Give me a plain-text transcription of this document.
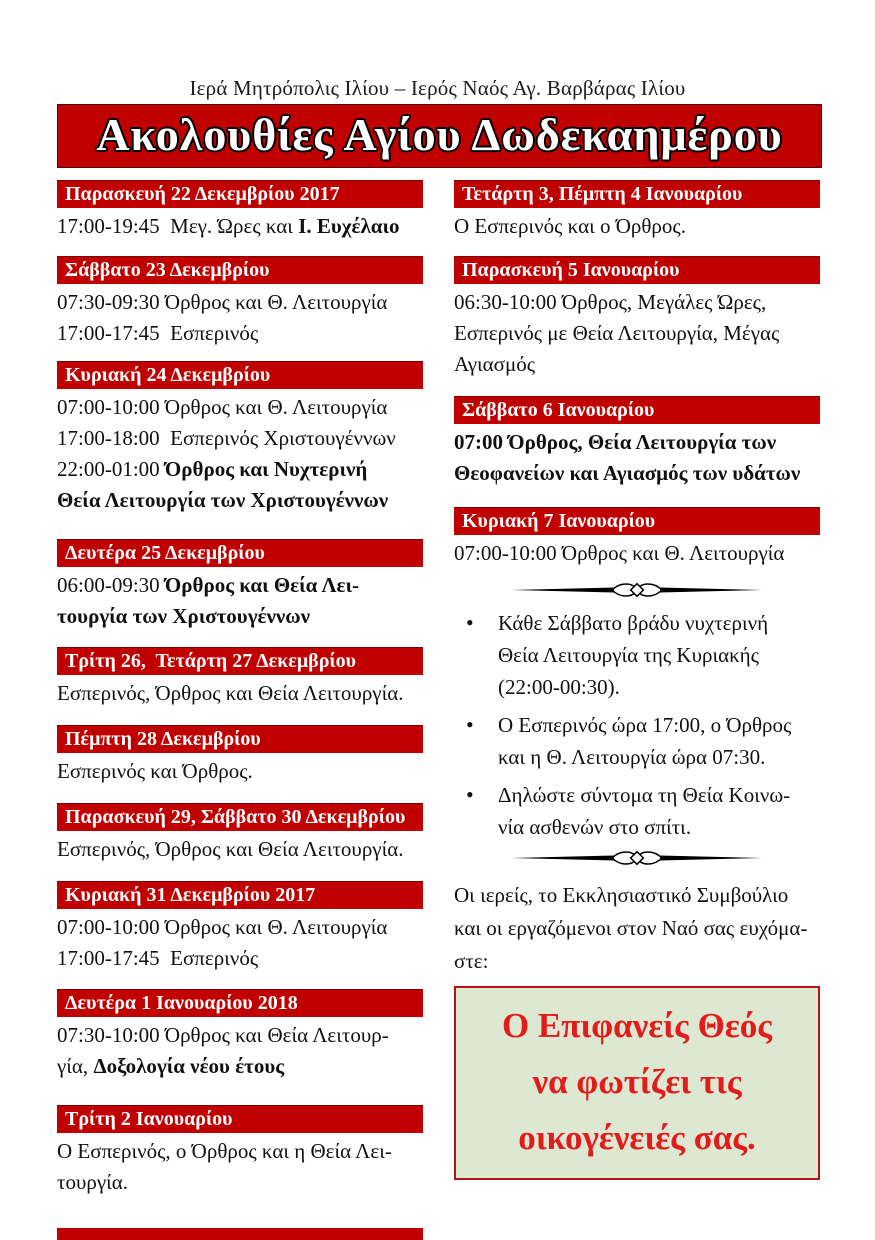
Ιερά Μητρόπολις Ιλίου – Ιερός Ναός Αγ. Βαρβάρας Ιλίου
Ακολουθίες Αγίου Δωδεκαημέρου
Παρασκευή 22 Δεκεμβρίου 2017
17:00-19:45  Μεγ. Ώρες και Ι. Ευχέλαιο
Σάββατο 23 Δεκεμβρίου
07:30-09:30 Όρθρος και Θ. Λειτουργία
17:00-17:45  Εσπερινός
Κυριακή 24 Δεκεμβρίου
07:00-10:00 Όρθρος και Θ. Λειτουργία
17:00-18:00  Εσπερινός Χριστουγέννων
22:00-01:00 Όρθρος και Νυχτερινή
Θεία Λειτουργία των Χριστουγέννων
Δευτέρα 25 Δεκεμβρίου
06:00-09:30 Όρθρος και Θεία Λει-
τουργία των Χριστουγέννων
Τρίτη 26,  Τετάρτη 27 Δεκεμβρίου
Εσπερινός, Όρθρος και Θεία Λειτουργία.
Πέμπτη 28 Δεκεμβρίου
Εσπερινός και Όρθρος.
Παρασκευή 29, Σάββατο 30 Δεκεμβρίου
Εσπερινός, Όρθρος και Θεία Λειτουργία.
Κυριακή 31 Δεκεμβρίου 2017
07:00-10:00 Όρθρος και Θ. Λειτουργία
17:00-17:45  Εσπερινός
Δευτέρα 1 Ιανουαρίου 2018
07:30-10:00 Όρθρος και Θεία Λειτουρ-
γία, Δοξολογία νέου έτους
Τρίτη 2 Ιανουαρίου
Ο Εσπερινός, ο Όρθρος και η Θεία Λει-
τουργία.
Τετάρτη 3, Πέμπτη 4 Ιανουαρίου
Ο Εσπερινός και ο Όρθρος.
Παρασκευή 5 Ιανουαρίου
06:30-10:00 Όρθρος, Μεγάλες Ώρες,
Εσπερινός με Θεία Λειτουργία, Μέγας
Αγιασμός
Σάββατο 6 Ιανουαρίου
07:00 Όρθρος, Θεία Λειτουργία των
Θεοφανείων και Αγιασμός των υδάτων
Κυριακή 7 Ιανουαρίου
07:00-10:00 Όρθρος και Θ. Λειτουργία
•	Κάθε Σάββατο βράδυ νυχτερινή
Θεία Λειτουργία της Κυριακής
(22:00-00:30).
•	Ο Εσπερινός ώρα 17:00, ο Όρθρος
και η Θ. Λειτουργία ώρα 07:30.
•	Δηλώστε σύντομα τη Θεία Κοινω-
νία ασθενών στο σπίτι.
Οι ιερείς, το Εκκλησιαστικό Συμβούλιο
και οι εργαζόμενοι στον Ναό σας ευχόμα-
στε:
Ο Επιφανείς Θεός
να φωτίζει τις
οικογένειές σας.
